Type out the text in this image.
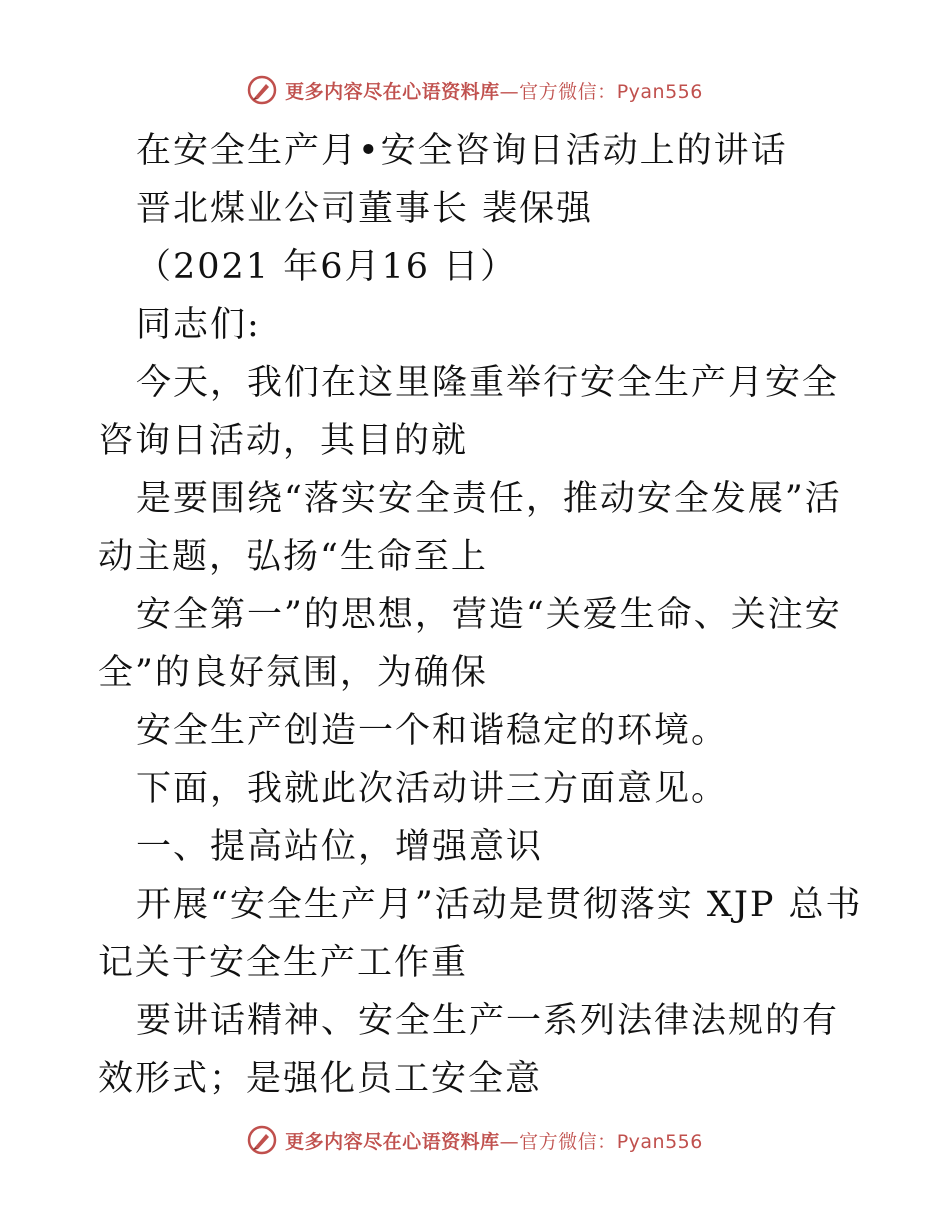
更多内容尽在心语资料库—官方微信：Pyan556

在安全生产月•安全咨询日活动上的讲话

晋北煤业公司董事长 裴保强

（2021 年6月16 日）

同志们:

今天，我们在这里隆重举行安全生产月安全咨询日活动，其目的就

是要围绕“落实安全责任，推动安全发展”活动主题，弘扬“生命至上

安全第一”的思想，营造“关爱生命、关注安全”的良好氛围，为确保

安全生产创造一个和谐稳定的环境。

下面，我就此次活动讲三方面意见。

一、提高站位，增强意识

开展“安全生产月”活动是贯彻落实 XJP 总书记关于安全生产工作重

要讲话精神、安全生产一系列法律法规的有效形式；是强化员工安全意

更多内容尽在心语资料库—官方微信：Pyan556
